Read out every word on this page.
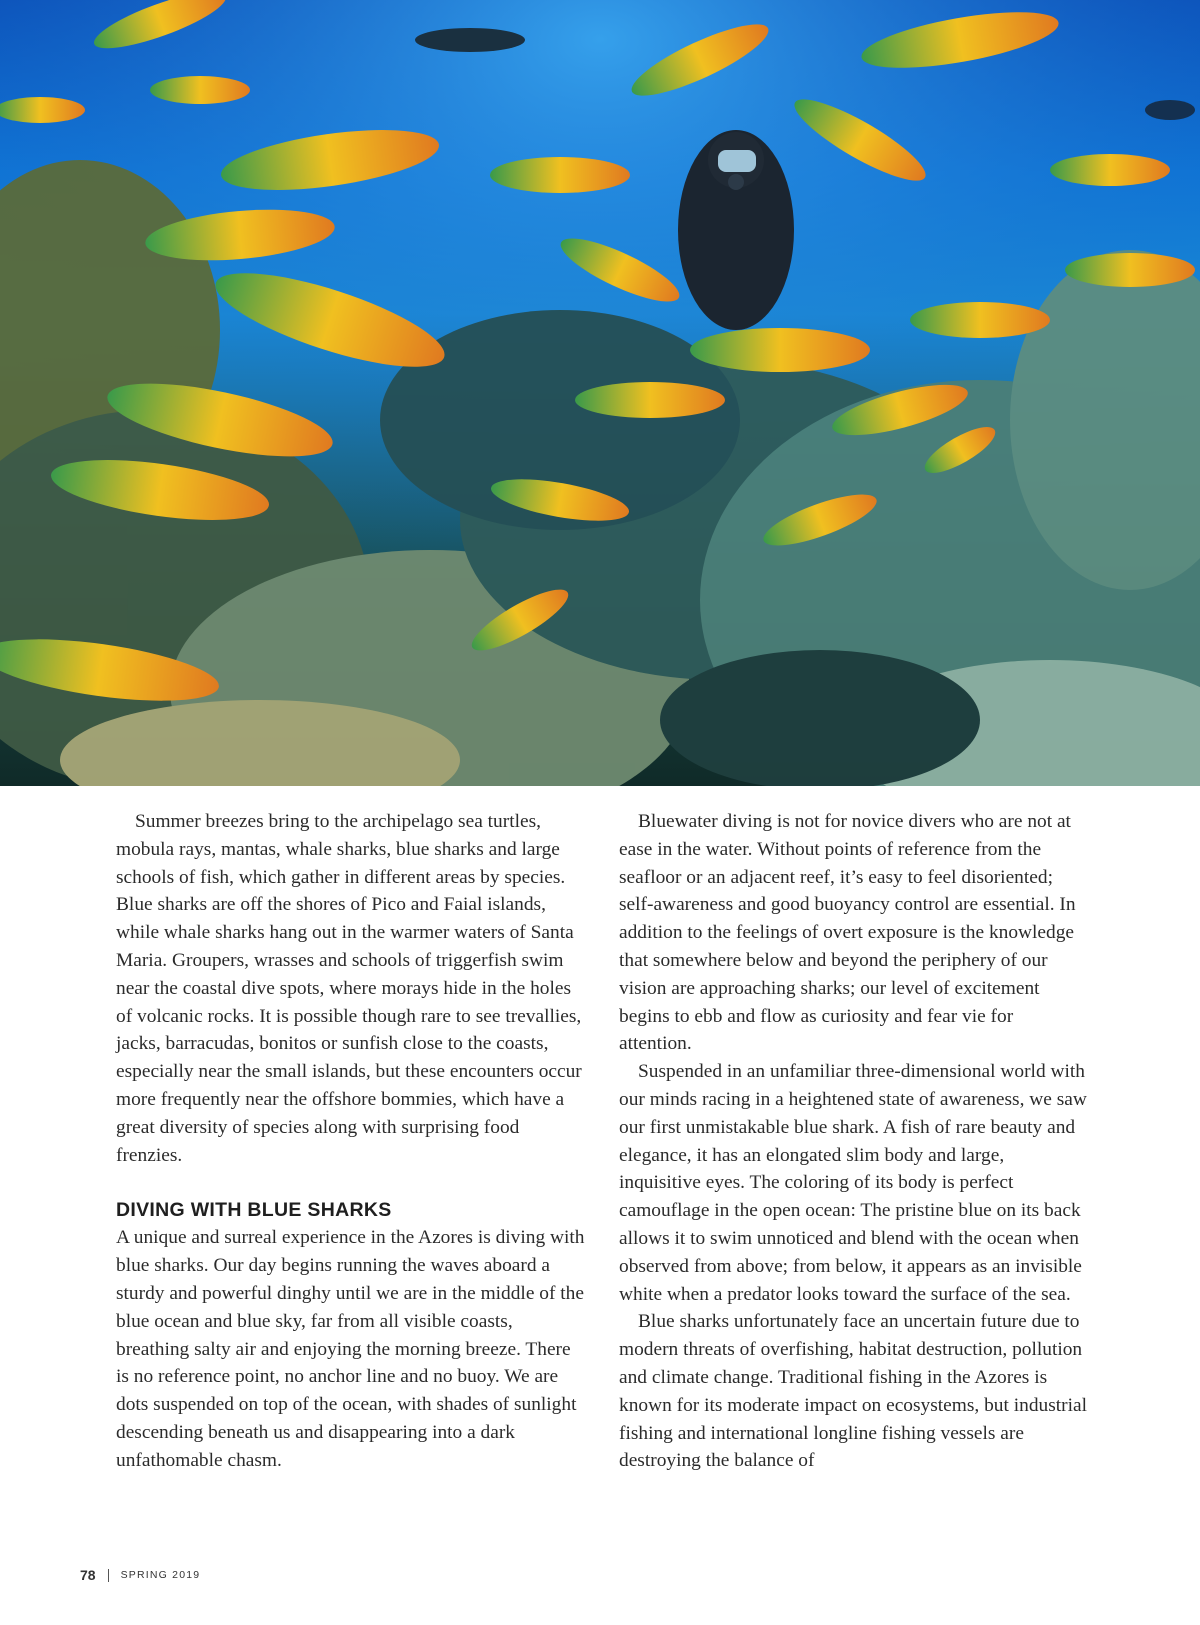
Summer breezes bring to the archipelago sea turtles, mobula rays, mantas, whale sharks, blue sharks and large schools of fish, which gather in different areas by species. Blue sharks are off the shores of Pico and Faial islands, while whale sharks hang out in the warmer waters of Santa Maria. Groupers, wrasses and schools of triggerfish swim near the coastal dive spots, where morays hide in the holes of volcanic rocks. It is possible though rare to see trevallies, jacks, barracudas, bonitos or sunfish close to the coasts, especially near the small islands, but these encounters occur more frequently near the offshore bommies, which have a great diversity of species along with surprising food frenzies.

DIVING WITH BLUE SHARKS

A unique and surreal experience in the Azores is diving with blue sharks. Our day begins running the waves aboard a sturdy and powerful dinghy until we are in the middle of the blue ocean and blue sky, far from all visible coasts, breathing salty air and enjoying the morning breeze. There is no reference point, no anchor line and no buoy. We are dots suspended on top of the ocean, with shades of sunlight descending beneath us and disappearing into a dark unfathomable chasm.

Bluewater diving is not for novice divers who are not at ease in the water. Without points of reference from the seafloor or an adjacent reef, it’s easy to feel disoriented; self-awareness and good buoyancy control are essential. In addition to the feelings of overt exposure is the knowledge that somewhere below and beyond the periphery of our vision are approaching sharks; our level of excitement begins to ebb and flow as curiosity and fear vie for attention.

Suspended in an unfamiliar three-dimensional world with our minds racing in a heightened state of awareness, we saw our first unmistakable blue shark. A fish of rare beauty and elegance, it has an elongated slim body and large, inquisitive eyes. The coloring of its body is perfect camouflage in the open ocean: The pristine blue on its back allows it to swim unnoticed and blend with the ocean when observed from above; from below, it appears as an invisible white when a predator looks toward the surface of the sea.

Blue sharks unfortunately face an uncertain future due to modern threats of overfishing, habitat destruction, pollution and climate change. Traditional fishing in the Azores is known for its moderate impact on ecosystems, but industrial fishing and international longline fishing vessels are destroying the balance of

78 SPRING 2019
